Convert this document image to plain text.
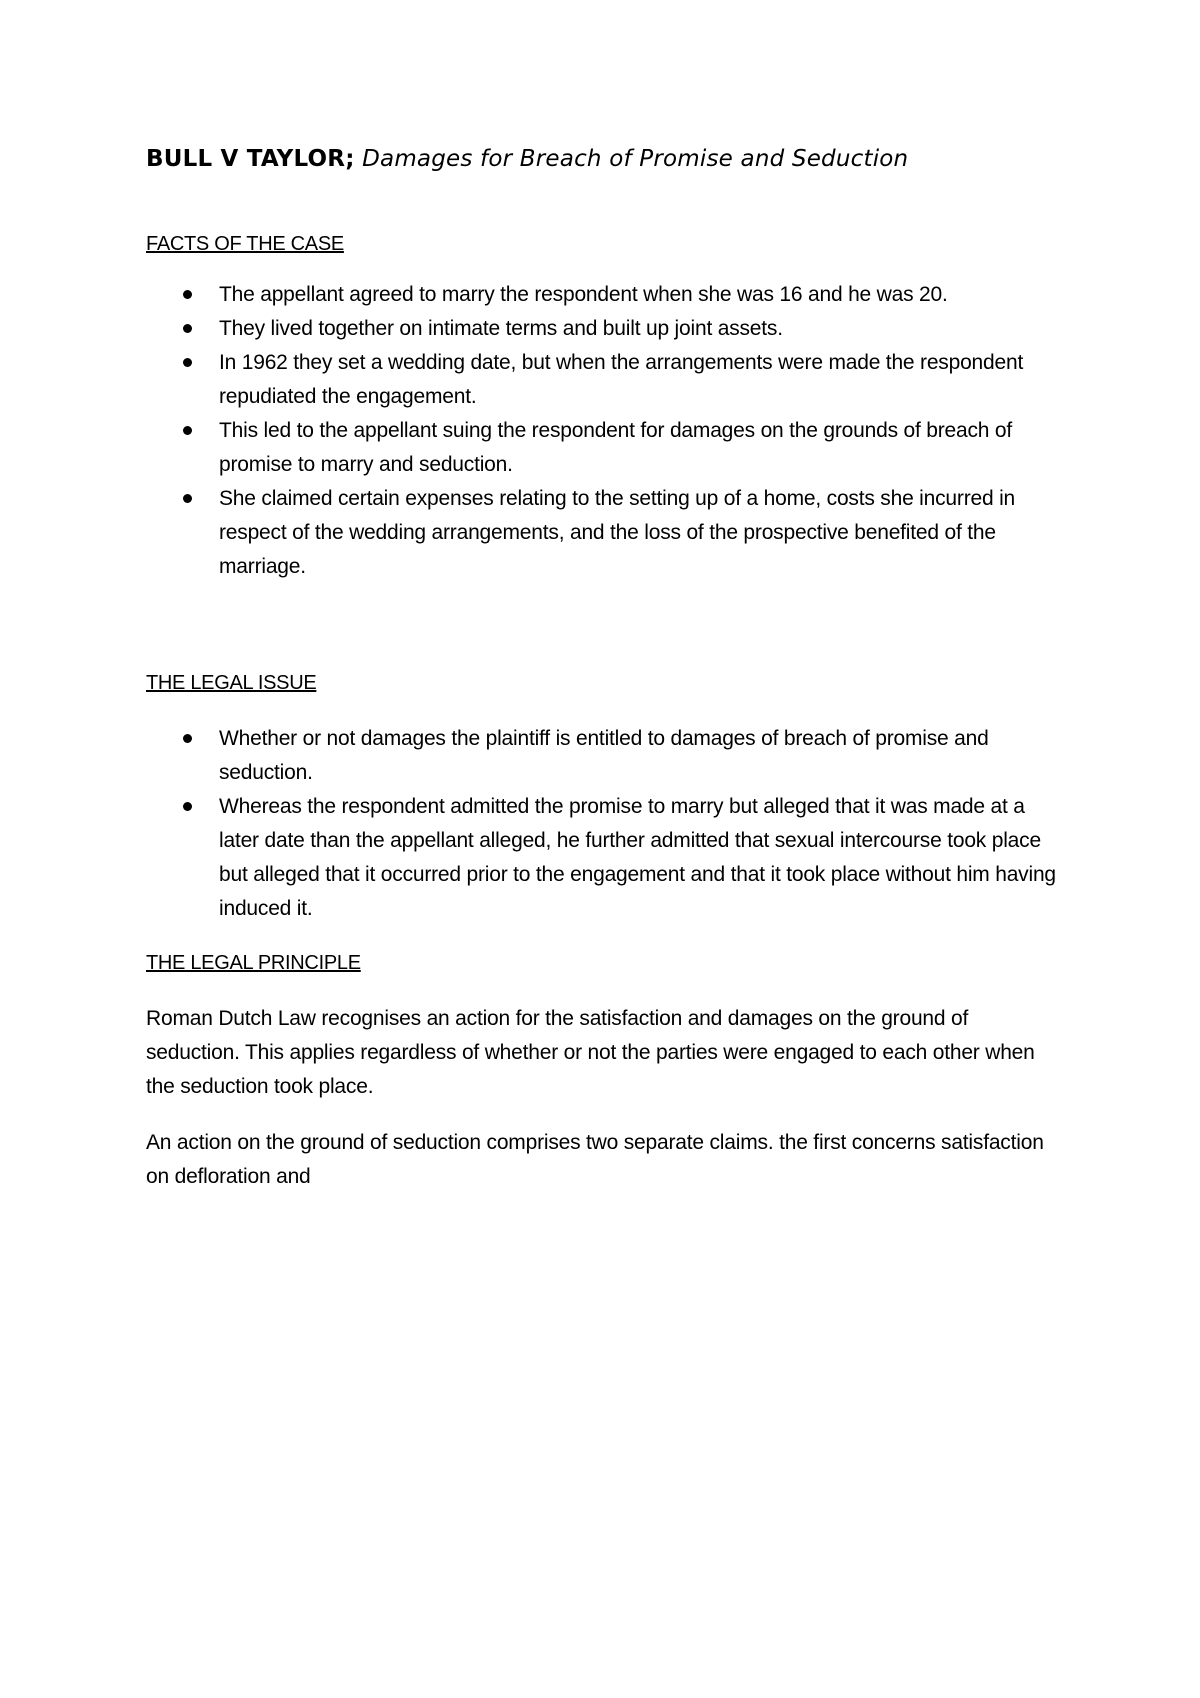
BULL V TAYLOR; Damages for Breach of Promise and Seduction
FACTS OF THE CASE
The appellant agreed to marry the respondent when she was 16 and he was 20.
They lived together on intimate terms and built up joint assets.
In 1962 they set a wedding date, but when the arrangements were made the respondent repudiated the engagement.
This led to the appellant suing the respondent for damages on the grounds of breach of promise to marry and seduction.
She claimed certain expenses relating to the setting up of a home, costs she incurred in respect of the wedding arrangements, and the loss of the prospective benefited of the marriage.
THE LEGAL ISSUE
Whether or not damages the plaintiff is entitled to damages of breach of promise and seduction.
Whereas the respondent admitted the promise to marry but alleged that it was made at a later date than the appellant alleged, he further admitted that sexual intercourse took place but alleged that it occurred prior to the engagement and that it took place without him having induced it.
THE LEGAL PRINCIPLE

Roman Dutch Law recognises an action for the satisfaction and damages on the ground of seduction. This applies regardless of whether or not the parties were engaged to each other when the seduction took place.

An action on the ground of seduction comprises two separate claims. the first concerns satisfaction on defloration and
